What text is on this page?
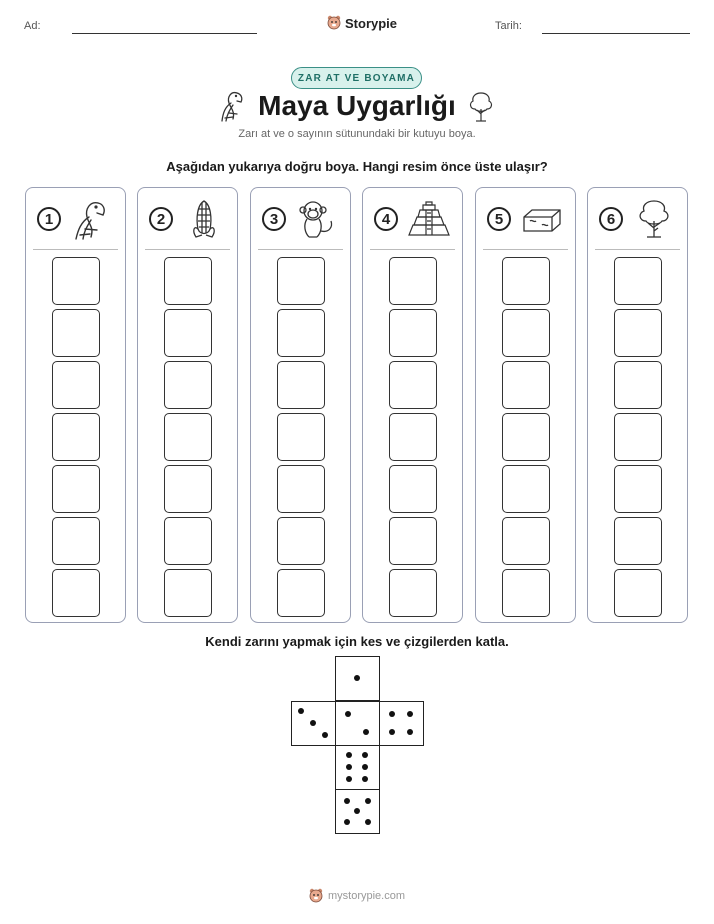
Ad:	Storypie	Tarih:
ZAR AT VE BOYAMA
Maya Uygarlığı
Zarı at ve o sayının sütunundaki bir kutuyu boya.
Aşağıdan yukarıya doğru boya. Hangi resim önce üste ulaşır?
1	2	3	4	5	6
Kendi zarını yapmak için kes ve çizgilerden katla.
mystorypie.com
